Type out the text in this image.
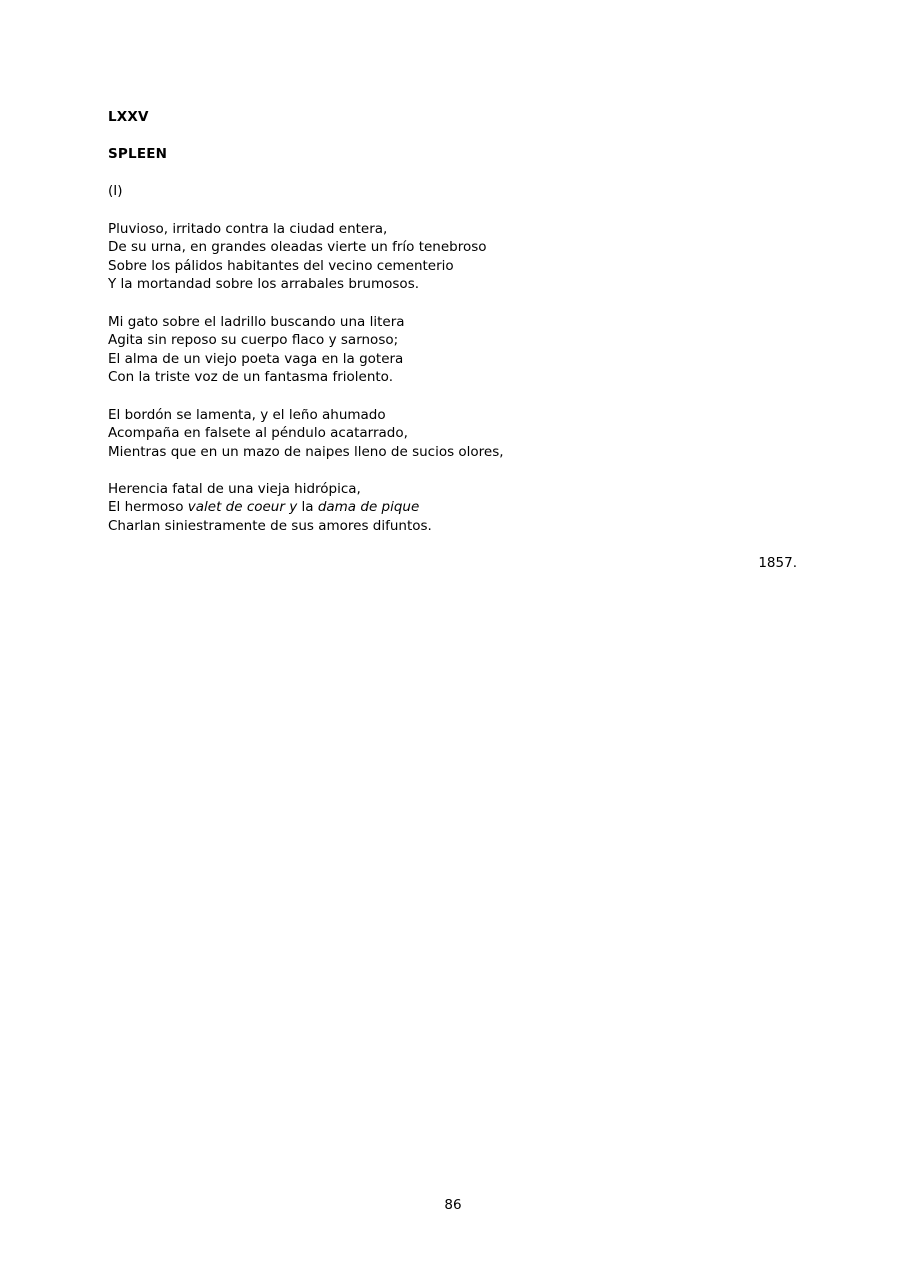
LXXV
SPLEEN
(I)
Pluvioso, irritado contra la ciudad entera,
De su urna, en grandes oleadas vierte un frío tenebroso
Sobre los pálidos habitantes del vecino cementerio
Y la mortandad sobre los arrabales brumosos.
Mi gato sobre el ladrillo buscando una litera
Agita sin reposo su cuerpo flaco y sarnoso;
El alma de un viejo poeta vaga en la gotera
Con la triste voz de un fantasma friolento.
El bordón se lamenta, y el leño ahumado
Acompaña en falsete al péndulo acatarrado,
Mientras que en un mazo de naipes lleno de sucios olores,
Herencia fatal de una vieja hidrópica,
El hermoso valet de coeur y la dama de pique
Charlan siniestramente de sus amores difuntos.
1857.
86
